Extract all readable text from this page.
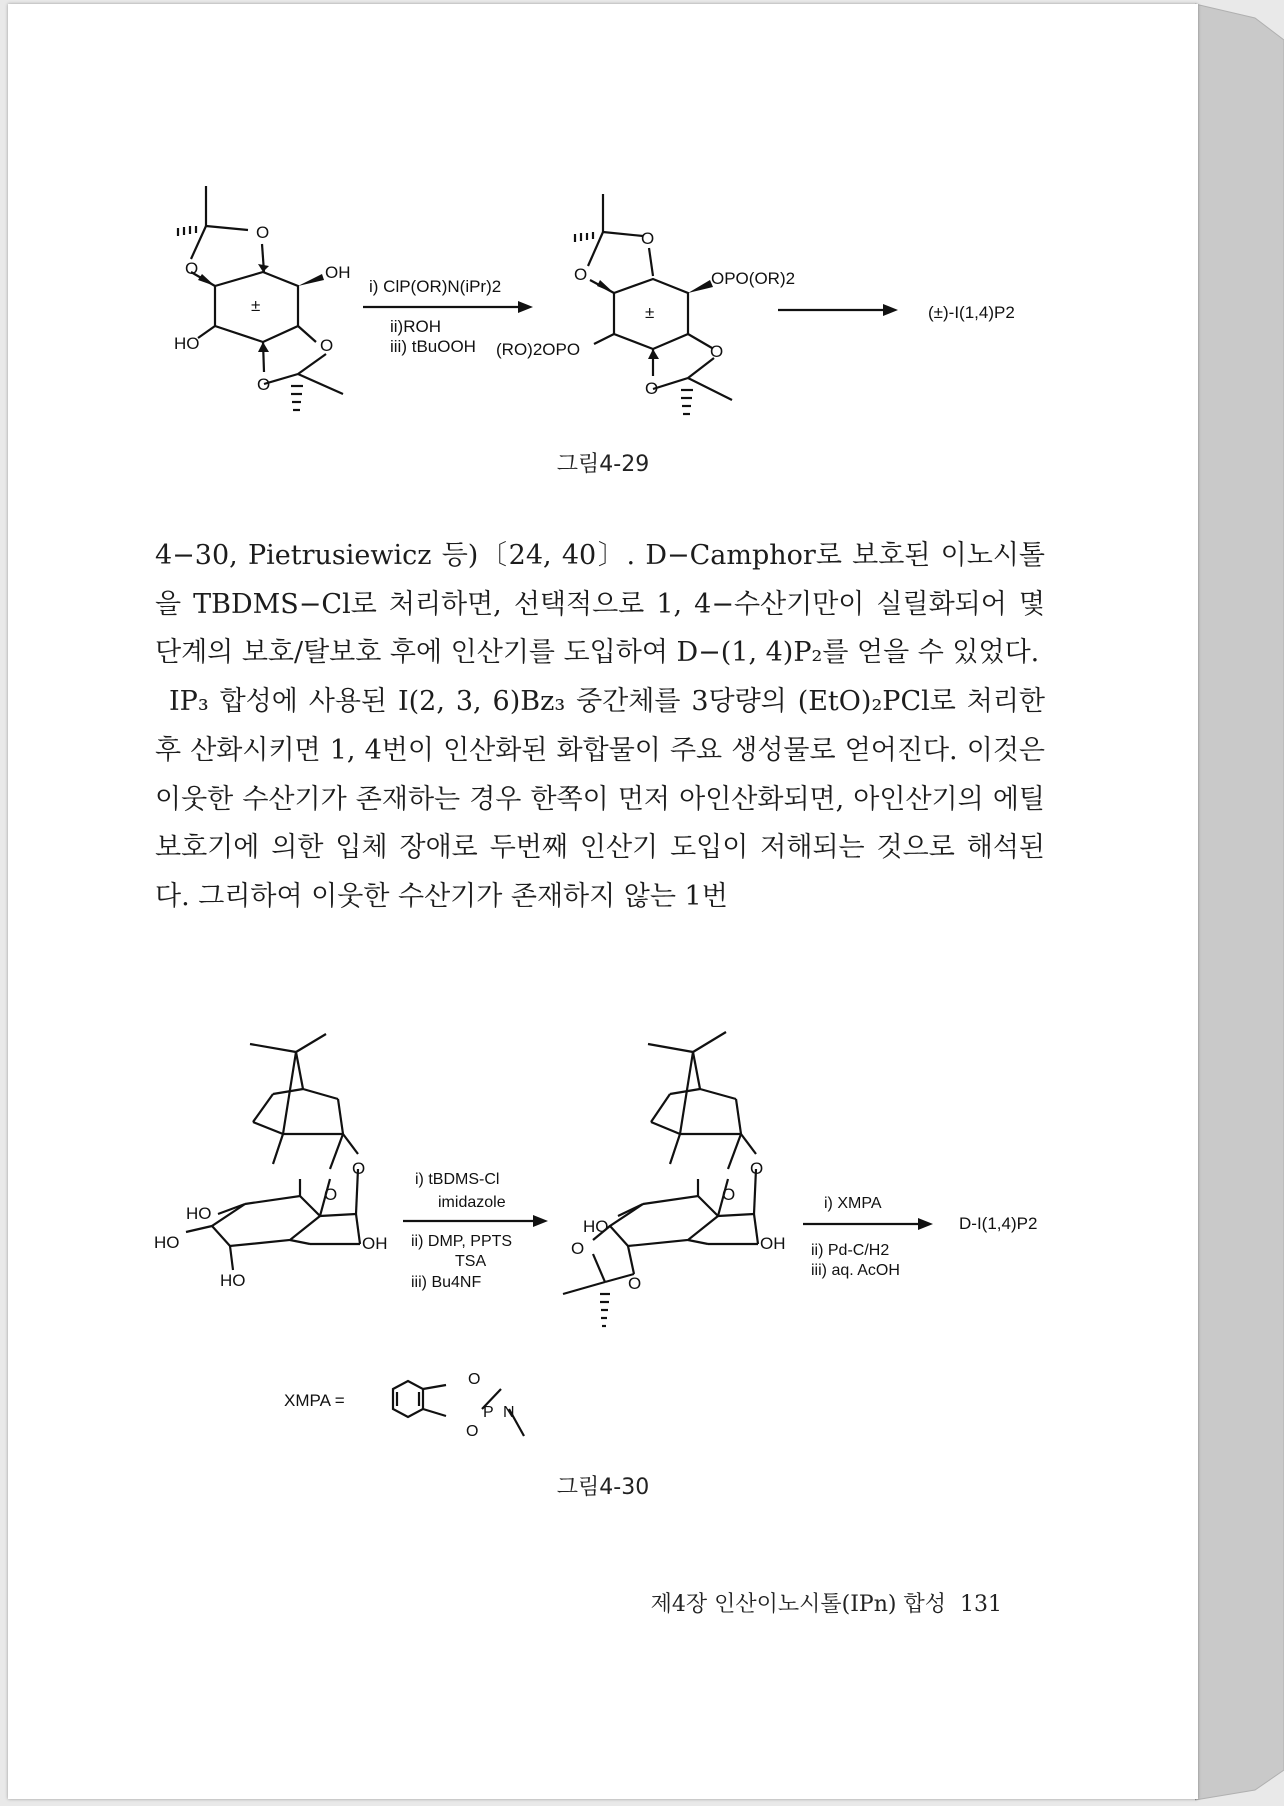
O
O	OH
HO	O
O
±
i) ClP(OR)N(iPr)2
ii)ROH
iii) tBuOOH
O
O	OPO(OR)2
(RO)2OPO	O
O
±	(±)-I(1,4)P2
그림4-29

4−30, Pietrusiewicz 등)〔24, 40〕. D−Camphor로 보호된 이노시톨을 TBDMS−Cl로 처리하면, 선택적으로 1, 4−수산기만이 실릴화되어 몇 단계의 보호/탈보호 후에 인산기를 도입하여 D−(1, 4)P₂를 얻을 수 있었다.

IP₃ 합성에 사용된 I(2, 3, 6)Bz₃ 중간체를 3당량의 (EtO)₂PCl로 처리한 후 산화시키면 1, 4번이 인산화된 화합물이 주요 생성물로 얻어진다. 이것은 이웃한 수산기가 존재하는 경우 한쪽이 먼저 아인산화되면, 아인산기의 에틸 보호기에 의한 입체 장애로 두번째 인산기 도입이 저해되는 것으로 해석된다. 그리하여 이웃한 수산기가 존재하지 않는 1번

O
O
HO
HO
HO
OH
i) tBDMS-Cl
imidazole
ii) DMP, PPTS
TSA
iii) Bu4NF
O
O
HO
O
O
OH
i) XMPA
ii) Pd-C/H2
iii) aq. AcOH
D-I(1,4)P2
XMPA =
O
O
P N
그림4-30
제4장 인산이노시톨(IPn) 합성 131
